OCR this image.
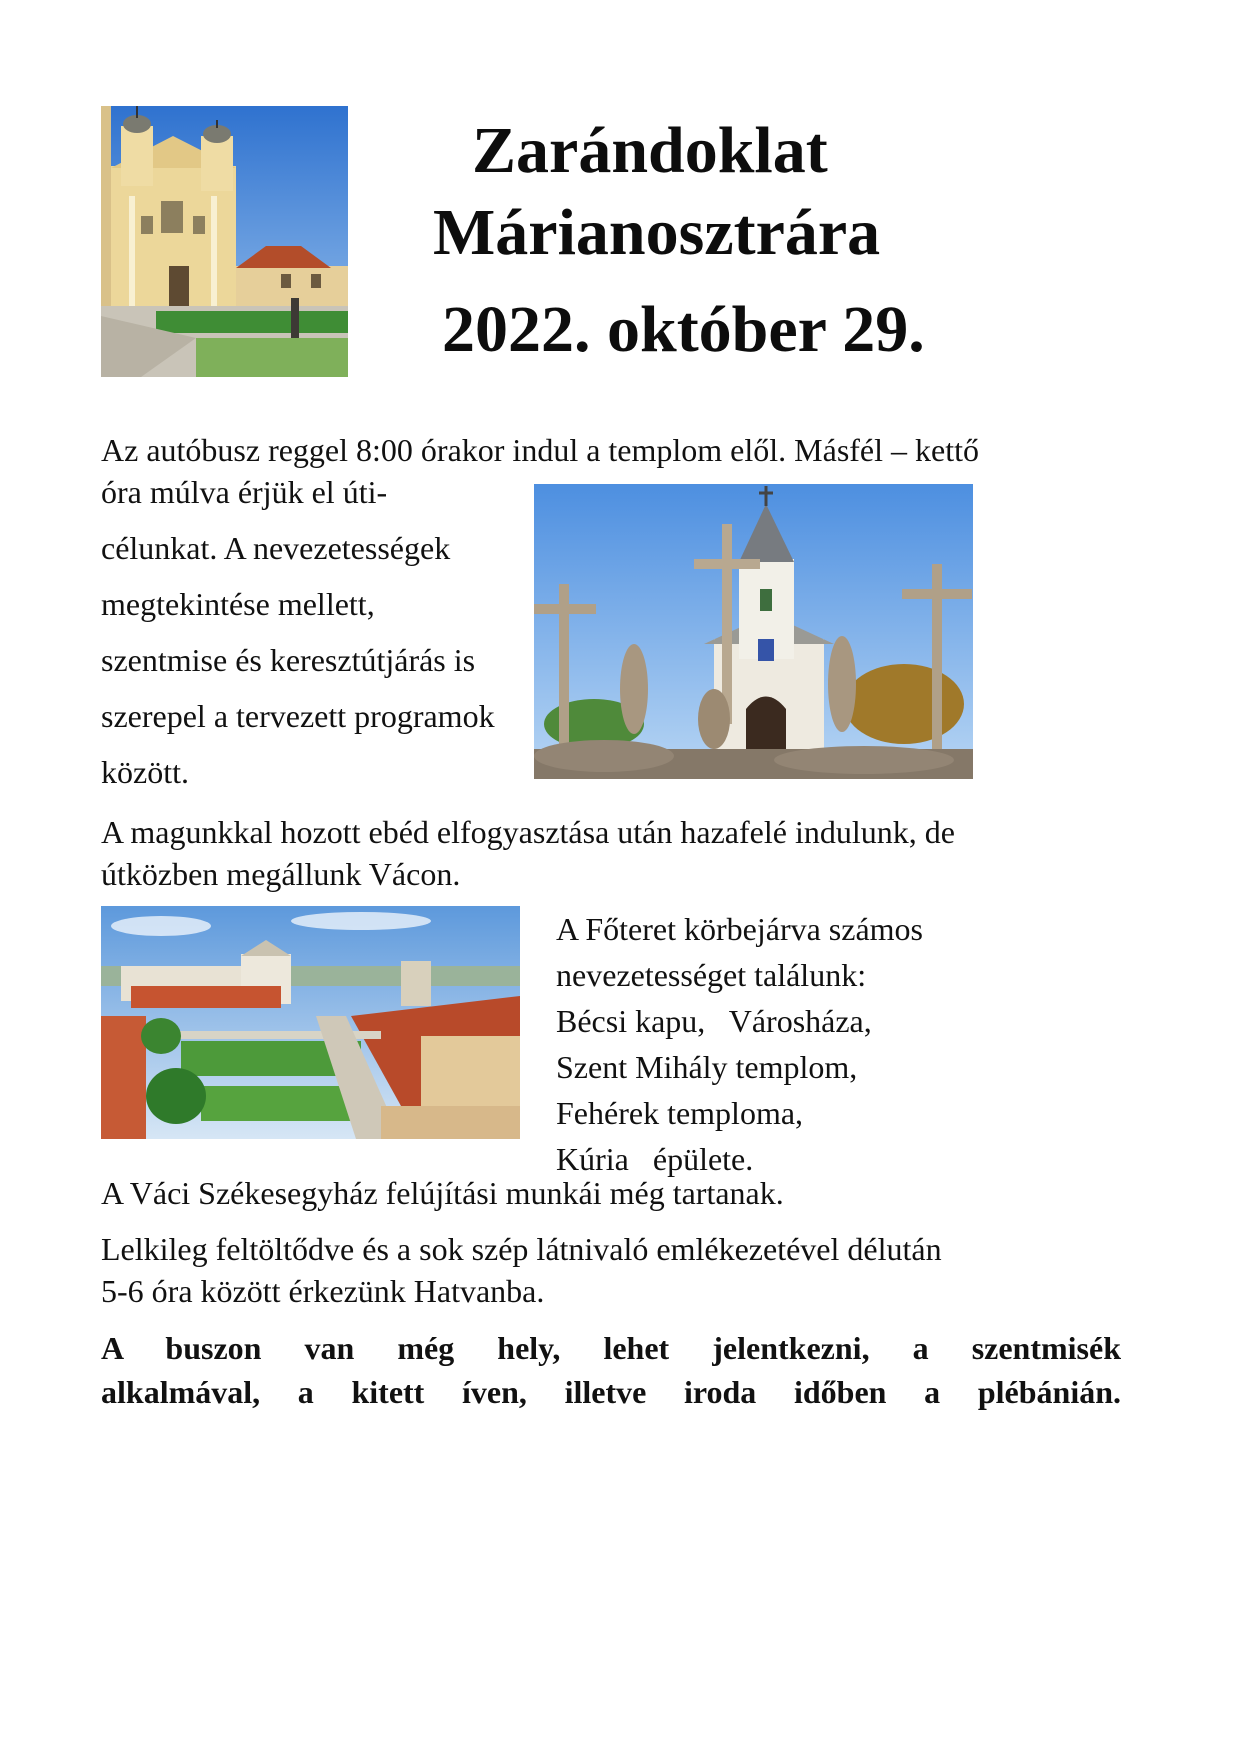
Zarándoklat
Márianosztrára
2022. október 29.
Az autóbusz reggel 8:00 órakor indul a templom elől. Másfél – kettő
óra múlva érjük el úti-
célunkat. A nevezetességek
megtekintése mellett,
szentmise és keresztútjárás is
szerepel a tervezett programok
között.
A magunkkal hozott ebéd elfogyasztása után hazafelé indulunk, de
útközben megállunk Vácon.
A Főteret körbejárva számos
nevezetességet találunk:
Bécsi kapu,   Városháza,
Szent Mihály templom,
Fehérek temploma,
Kúria   épülete.
A Váci Székesegyház felújítási munkái még tartanak.
Lelkileg feltöltődve és a sok szép látnivaló emlékezetével délután
5-6 óra között érkezünk Hatvanba.
A buszon van még hely, lehet jelentkezni, a szentmisék
alkalmával, a kitett íven, illetve iroda időben a plébánián.
